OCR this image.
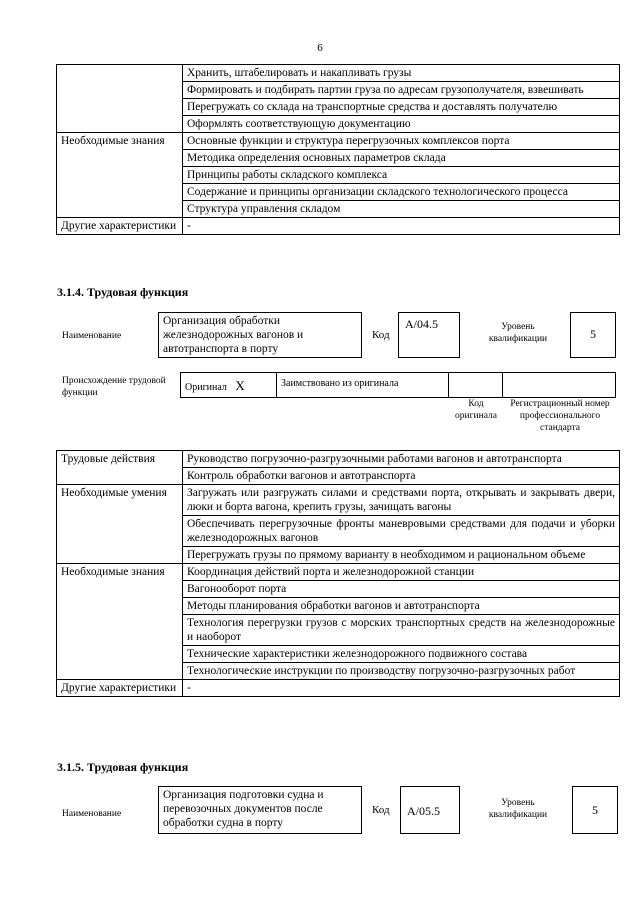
6
	Хранить, штабелировать и накапливать грузы
	Формировать и подбирать партии груза по адресам грузополучателя, взвешивать
	Перегружать со склада на транспортные средства и доставлять получателю
	Оформлять соответствующую документацию
Необходимые знания	Основные функции и структура перегрузочных комплексов порта
	Методика определения основных параметров склада
	Принципы работы складского комплекса
	Содержание и принципы организации складского технологического процесса
	Структура управления складом
Другие характеристики	-
3.1.4. Трудовая функция
Наименование
Организация обработки железнодорожных вагонов и автотранспорта в порту
Код
А/04.5	Уровень квалификации	5
Происхождение трудовой функции	Оригинал Х	Заимствовано из оригинала
Код оригинала
Регистрационный номер профессионального стандарта
Трудовые действия	Руководство погрузочно-разгрузочными работами вагонов и автотранспорта
	Контроль обработки вагонов и автотранспорта
Необходимые умения	Загружать или разгружать силами и средствами порта, открывать и закрывать двери, люки и борта вагона, крепить грузы, зачищать вагоны
	Обеспечивать перегрузочные фронты маневровыми средствами для подачи и уборки железнодорожных вагонов
	Перегружать грузы по прямому варианту в необходимом и рациональном объеме
Необходимые знания	Координация действий порта и железнодорожной станции
	Вагонооборот порта
	Методы планирования обработки вагонов и автотранспорта
	Технология перегрузки грузов с морских транспортных средств на железнодорожные и наоборот
	Технические характеристики железнодорожного подвижного состава
	Технологические инструкции по производству погрузочно-разгрузочных работ
Другие характеристики	-
3.1.5. Трудовая функция
Наименование
Организация подготовки судна и перевозочных документов после обработки судна в порту
Код	А/05.5
Уровень квалификации	5
